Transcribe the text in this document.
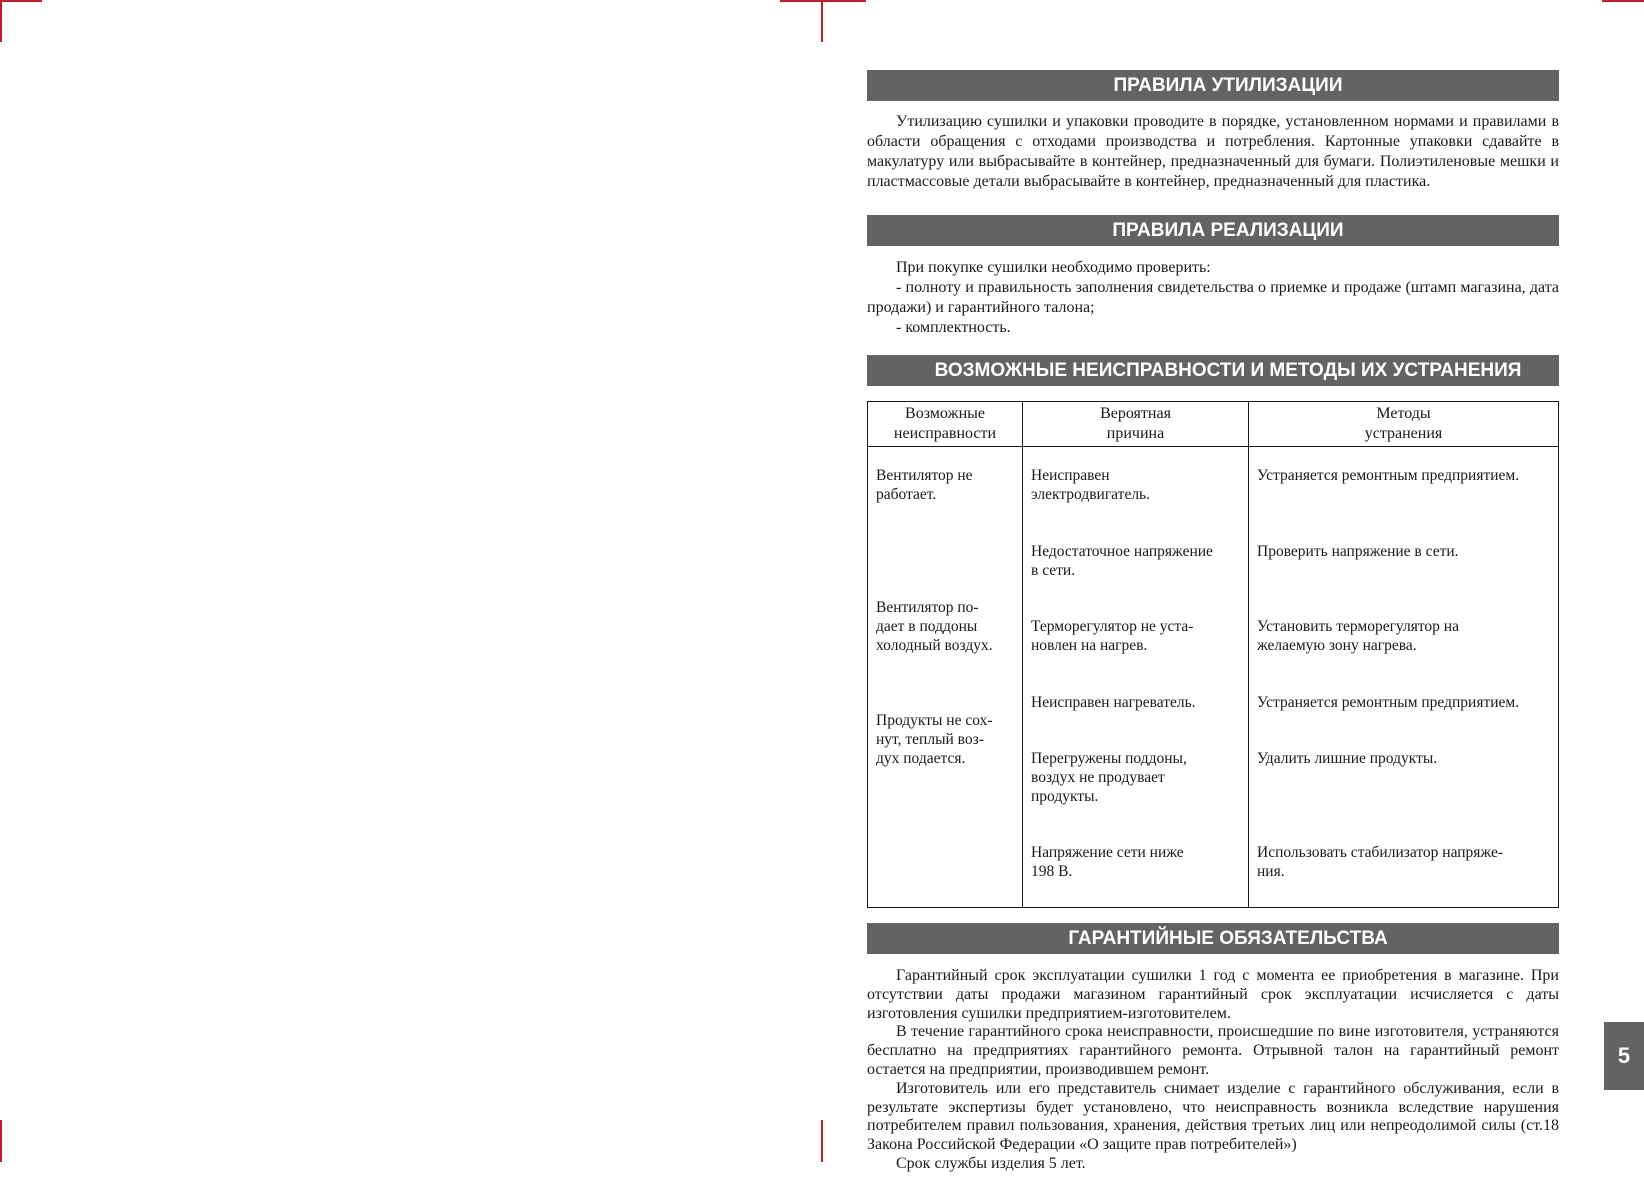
ПРАВИЛА УТИЛИЗАЦИИ

Утилизацию сушилки и упаковки проводите в порядке, установленном нормами и правилами в области обращения с отходами производства и потребления. Картонные упаковки сдавайте в макулатуру или выбрасывайте в контейнер, предназначенный для бумаги. Полиэтиленовые мешки и пластмассовые детали выбрасывайте в контейнер, предназначенный для пластика.

ПРАВИЛА РЕАЛИЗАЦИИ

При покупке сушилки необходимо проверить:

- полноту и правильность заполнения свидетельства о приемке и продаже (штамп магазина, дата продажи) и гарантийного талона;

- комплектность.

ВОЗМОЖНЫЕ НЕИСПРАВНОСТИ И МЕТОДЫ ИХ УСТРАНЕНИЯ
Возможные
неисправности
Вероятная
причина
Методы
устранения

Вентилятор не
работает.

Вентилятор по-
дает в поддоны
холодный воздух.

Продукты не сох-
нут, теплый воз-
дух подается.

Неисправен
электродвигатель.

Недостаточное напряжение
в сети.

Терморегулятор не уста-
новлен на нагрев.

Неисправен нагреватель.

Перегружены поддоны,
воздух не продувает
продукты.

Напряжение сети ниже
198 В.

Устраняется ремонтным предприятием.

Проверить напряжение в сети.

Установить терморегулятор на
желаемую зону нагрева.

Устраняется ремонтным предприятием.

Удалить лишние продукты.

Использовать стабилизатор напряже-
ния.

ГАРАНТИЙНЫЕ ОБЯЗАТЕЛЬСТВА

Гарантийный срок эксплуатации сушилки 1 год с момента ее приобретения в магазине. При отсутствии даты продажи магазином гарантийный срок эксплуатации исчисляется с даты изготовления сушилки предприятием-изготовителем.

В течение гарантийного срока неисправности, происшедшие по вине изготовителя, устраняются бесплатно на предприятиях гарантийного ремонта. Отрывной талон на гарантийный ремонт остается на предприятии, производившем ремонт.

Изготовитель или его представитель снимает изделие с гарантийного обслуживания, если в результате экспертизы будет установлено, что неисправность возникла вследствие нарушения потребителем правил пользования, хранения, действия третьих лиц или непреодолимой силы (ст.18 Закона Российской Федерации «О защите прав потребителей»)

Срок службы изделия 5 лет.

5
